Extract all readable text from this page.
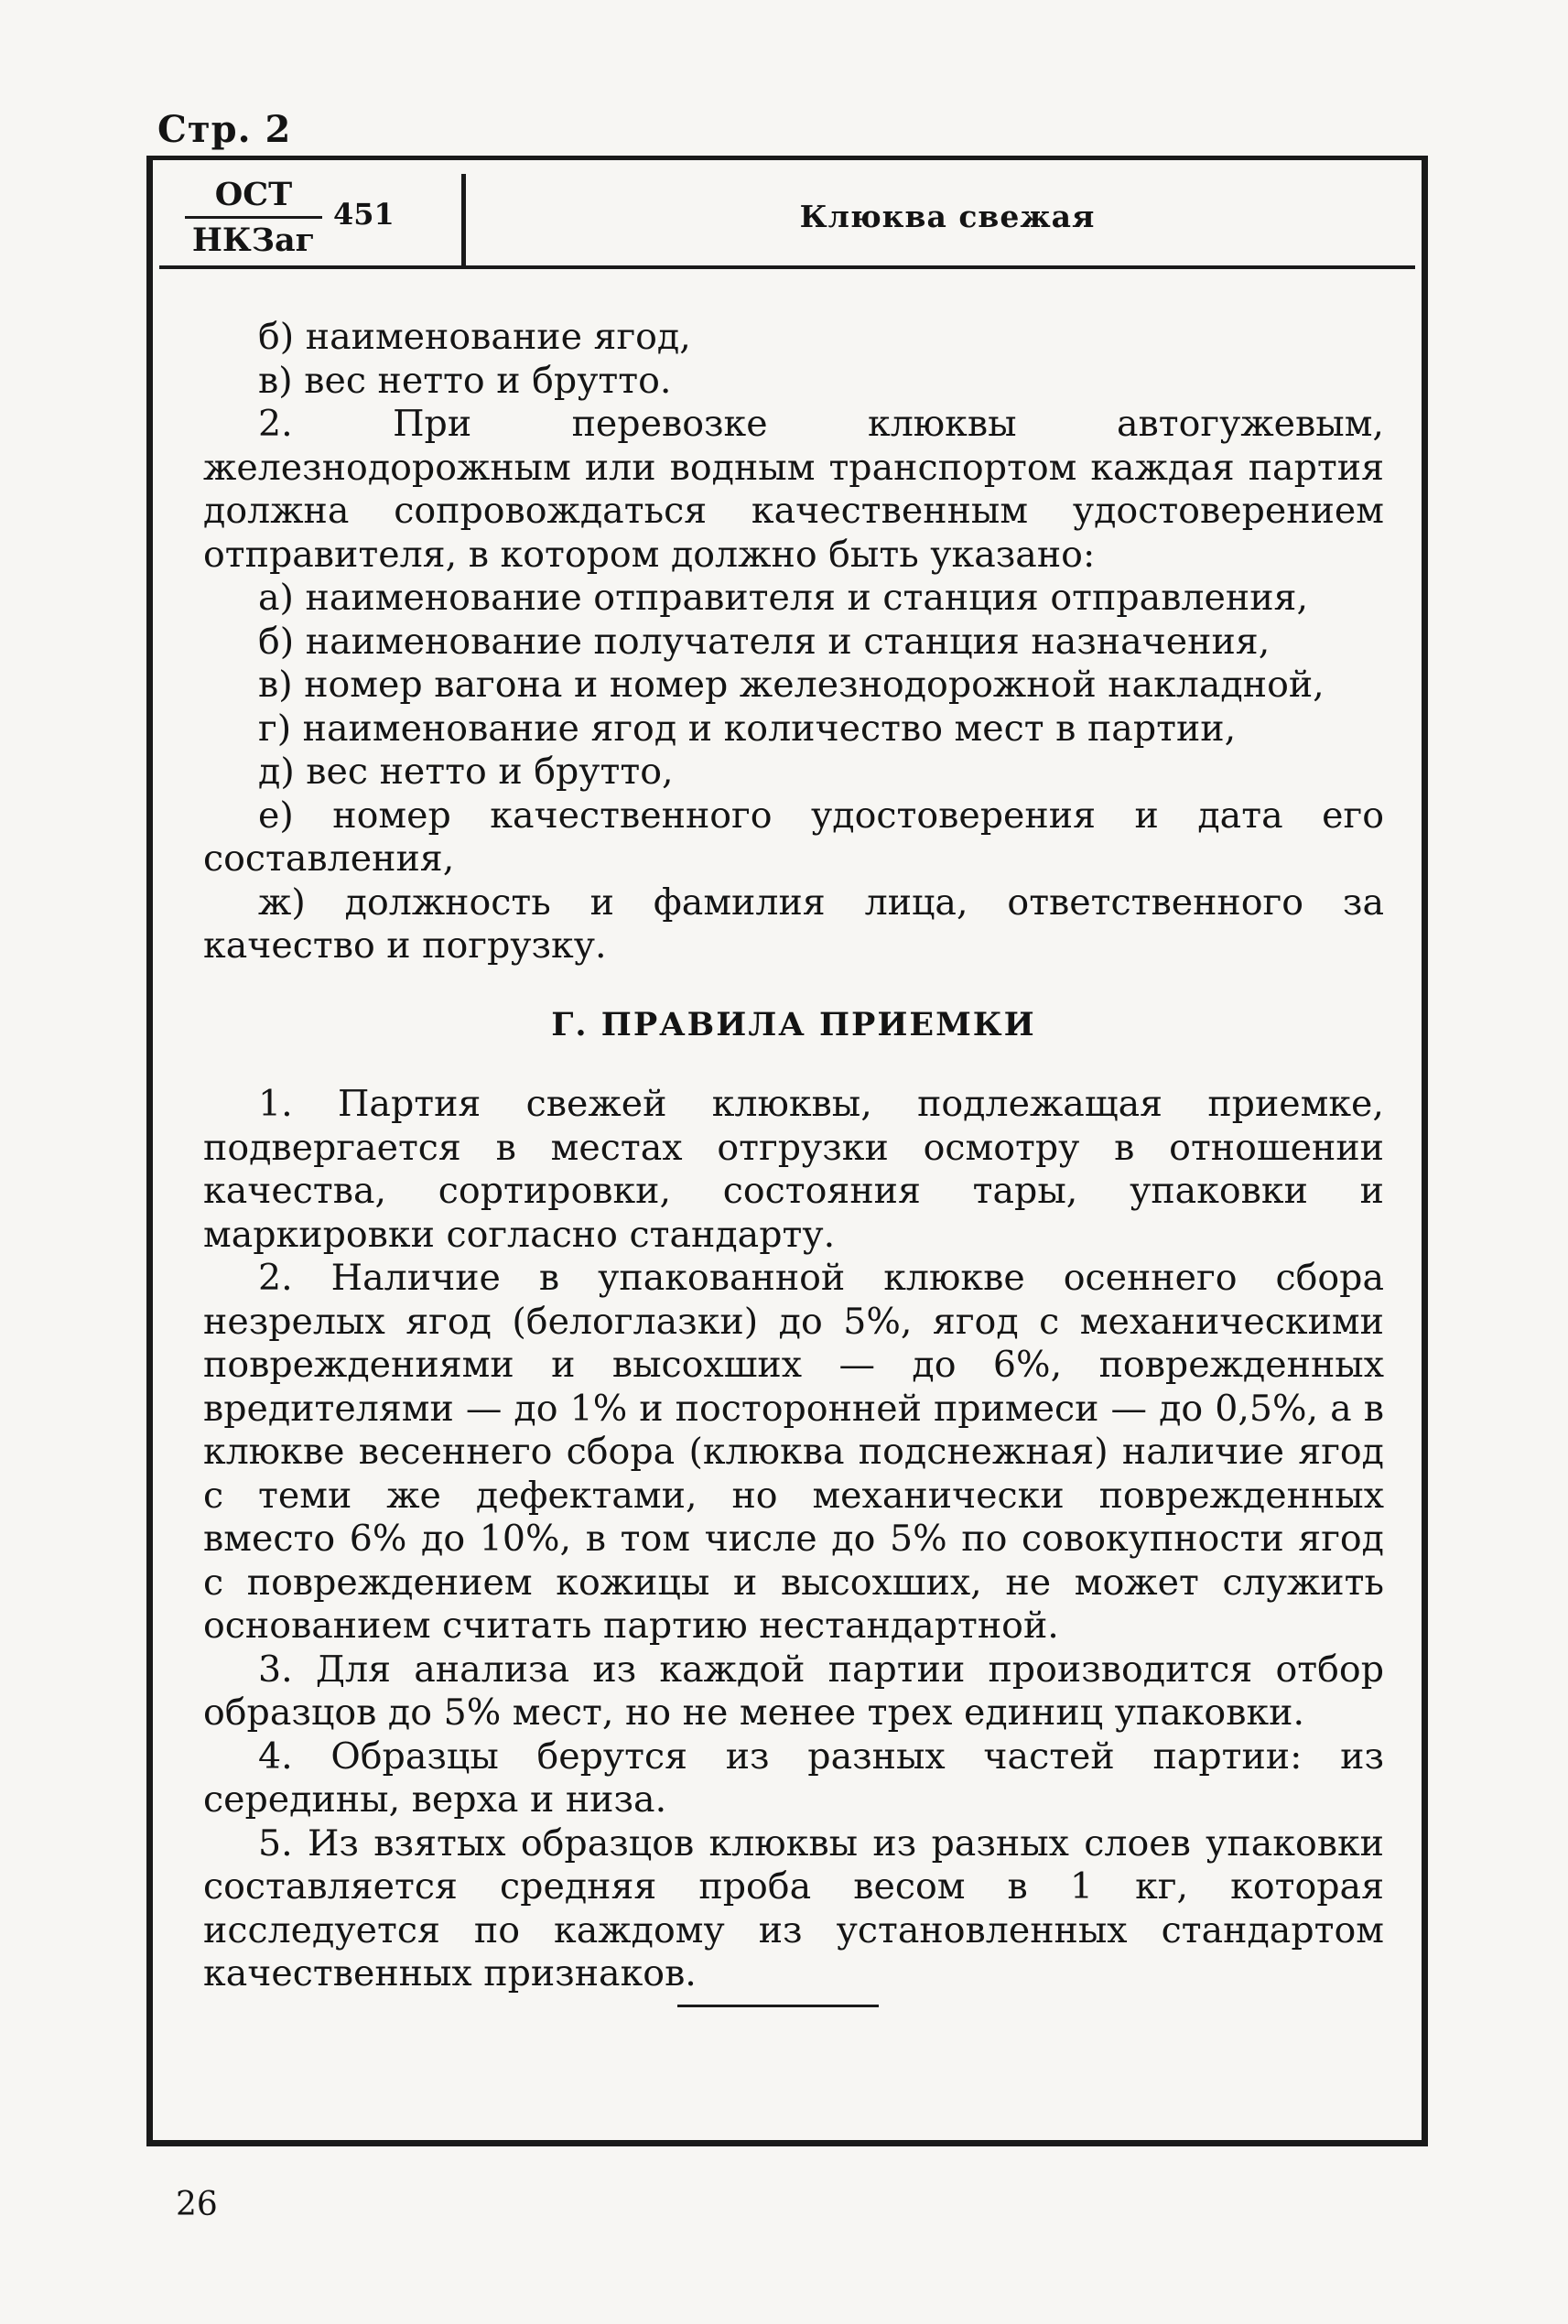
Стр. 2
ОСТ
НКЗаг
451	Клюква свежая

б) наименование ягод,

в) вес нетто и брутто.

2. При перевозке клюквы автогужевым, железнодорожным или водным транспортом каждая партия должна сопровождаться качественным удостоверением отправителя, в котором должно быть указано:

а) наименование отправителя и станция отправления,

б) наименование получателя и станция назначения,

в) номер вагона и номер железнодорожной накладной,

г) наименование ягод и количество мест в партии,

д) вес нетто и брутто,

е) номер качественного удостоверения и дата его составления,

ж) должность и фамилия лица, ответственного за качество и погрузку.

Г. ПРАВИЛА ПРИЕМКИ

1. Партия свежей клюквы, подлежащая приемке, подвергается в местах отгрузки осмотру в отношении качества, сортировки, состояния тары, упаковки и маркировки согласно стандарту.

2. Наличие в упакованной клюкве осеннего сбора незрелых ягод (белоглазки) до 5%, ягод с механическими повреждениями и высохших — до 6%, поврежденных вредителями — до 1% и посторонней примеси — до 0,5%, а в клюкве весеннего сбора (клюква подснежная) наличие ягод с теми же дефектами, но механически поврежденных вместо 6% до 10%, в том числе до 5% по совокупности ягод с повреждением кожицы и высохших, не может служить основанием считать партию нестандартной.

3. Для анализа из каждой партии производится отбор образцов до 5% мест, но не менее трех единиц упаковки.

4. Образцы берутся из разных частей партии: из середины, верха и низа.

5. Из взятых образцов клюквы из разных слоев упаковки составляется средняя проба весом в 1 кг, которая исследуется по каждому из установленных стандартом качественных признаков.

26
